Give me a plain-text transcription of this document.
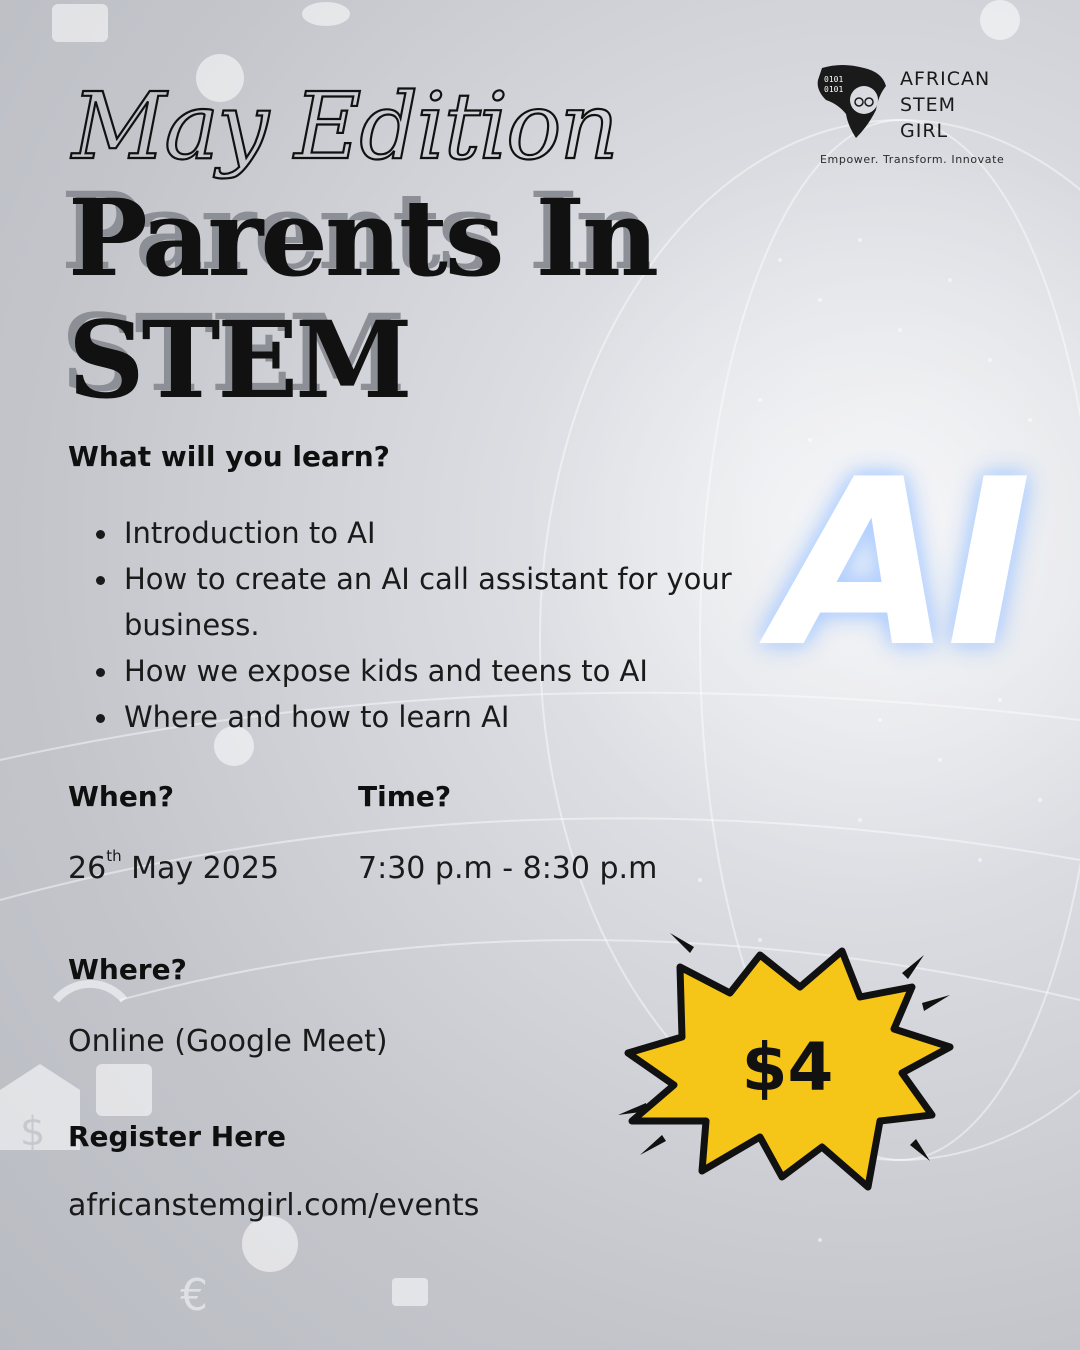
€
$
May Edition
Parents In
STEM
0101
0101	AFRICAN
STEM
GIRL
Empower. Transform. Innovate
What will you learn?
Introduction to AI
How to create an AI call assistant for your business.
How we expose kids and teens to AI
Where and how to learn AI
When?	Time?
26th May 2025	7:30 p.m - 8:30 p.m
Where?
Online (Google Meet)
Register Here
africanstemgirl.com/events
AI
$4
